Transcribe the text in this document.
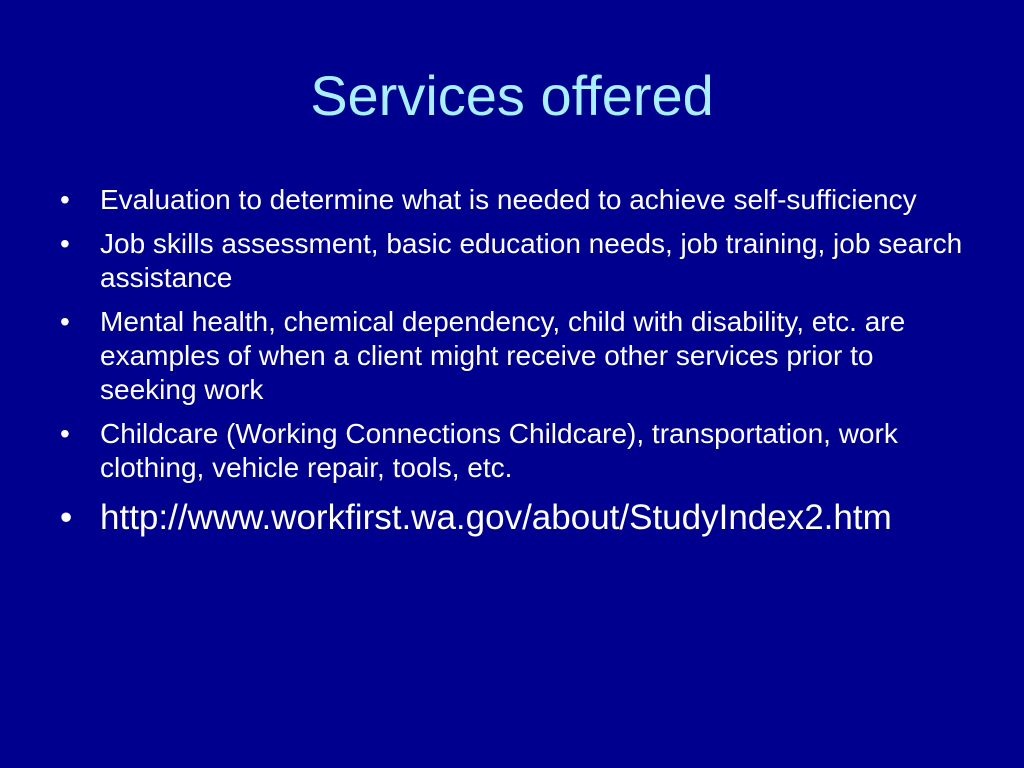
Services offered
• Evaluation to determine what is needed to achieve self-sufficiency
• Job skills assessment, basic education needs, job training, job search assistance
• Mental health, chemical dependency, child with disability, etc. are examples of when a client might receive other services prior to seeking work
• Childcare (Working Connections Childcare), transportation, work clothing, vehicle repair, tools, etc.
• http://www.workfirst.wa.gov/about/StudyIndex2.htm
